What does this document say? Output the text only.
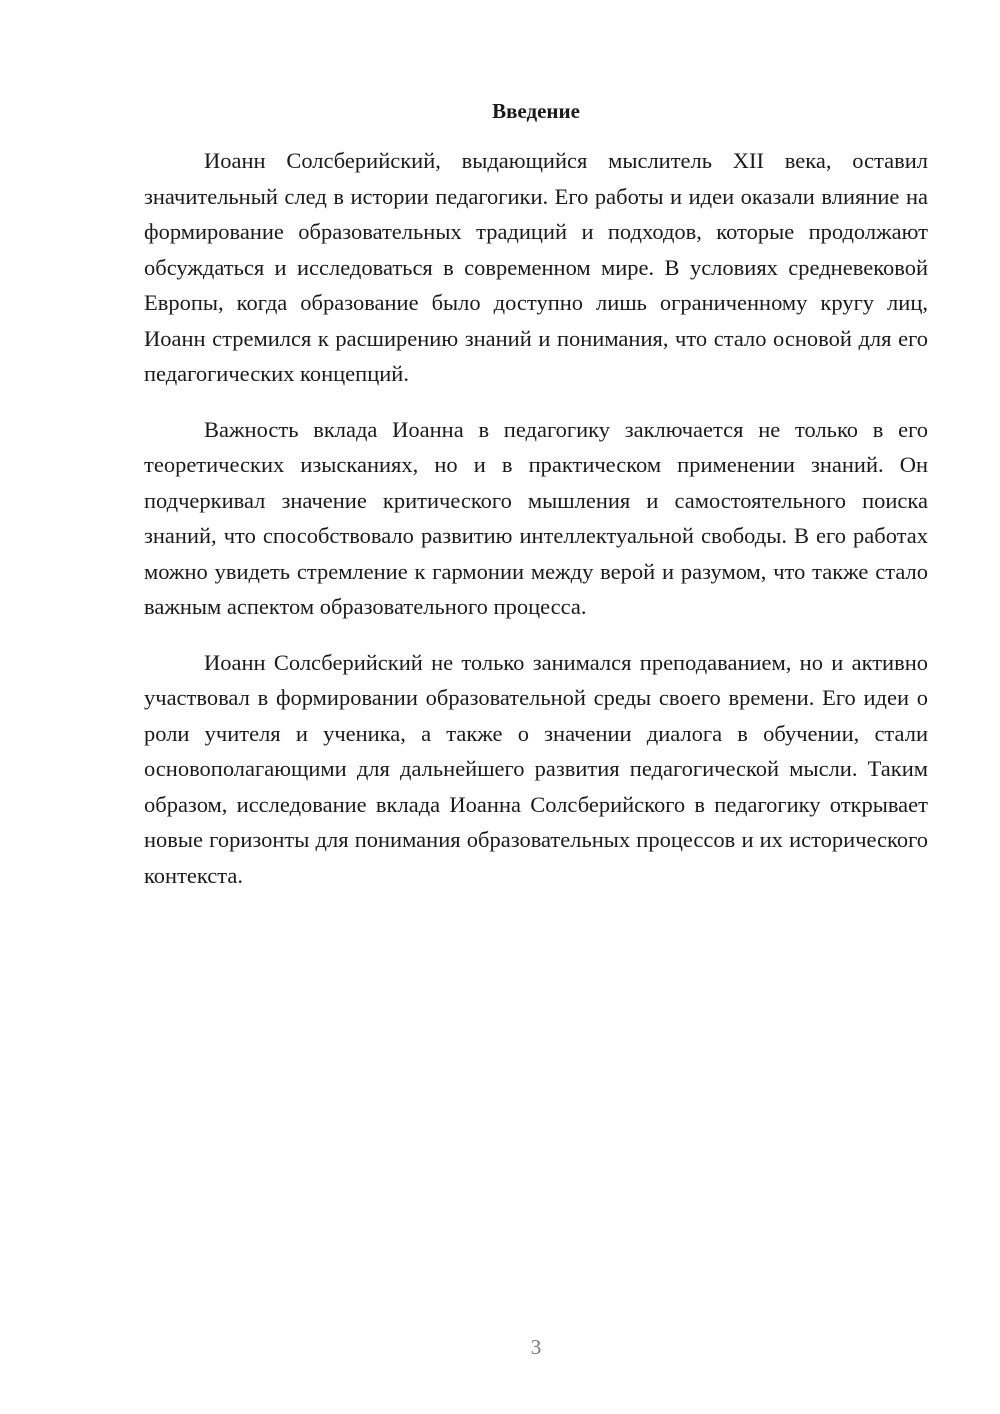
Введение

Иоанн Солсберийский, выдающийся мыслитель XII века, оставил значительный след в истории педагогики. Его работы и идеи оказали влияние на формирование образовательных традиций и подходов, которые продолжают обсуждаться и исследоваться в современном мире. В условиях средневековой Европы, когда образование было доступно лишь ограниченному кругу лиц, Иоанн стремился к расширению знаний и понимания, что стало основой для его педагогических концепций.

Важность вклада Иоанна в педагогику заключается не только в его теоретических изысканиях, но и в практическом применении знаний. Он подчеркивал значение критического мышления и самостоятельного поиска знаний, что способствовало развитию интеллектуальной свободы. В его работах можно увидеть стремление к гармонии между верой и разумом, что также стало важным аспектом образовательного процесса.

Иоанн Солсберийский не только занимался преподаванием, но и активно участвовал в формировании образовательной среды своего времени. Его идеи о роли учителя и ученика, а также о значении диалога в обучении, стали основополагающими для дальнейшего развития педагогической мысли. Таким образом, исследование вклада Иоанна Солсберийского в педагогику открывает новые горизонты для понимания образовательных процессов и их исторического контекста.

3
